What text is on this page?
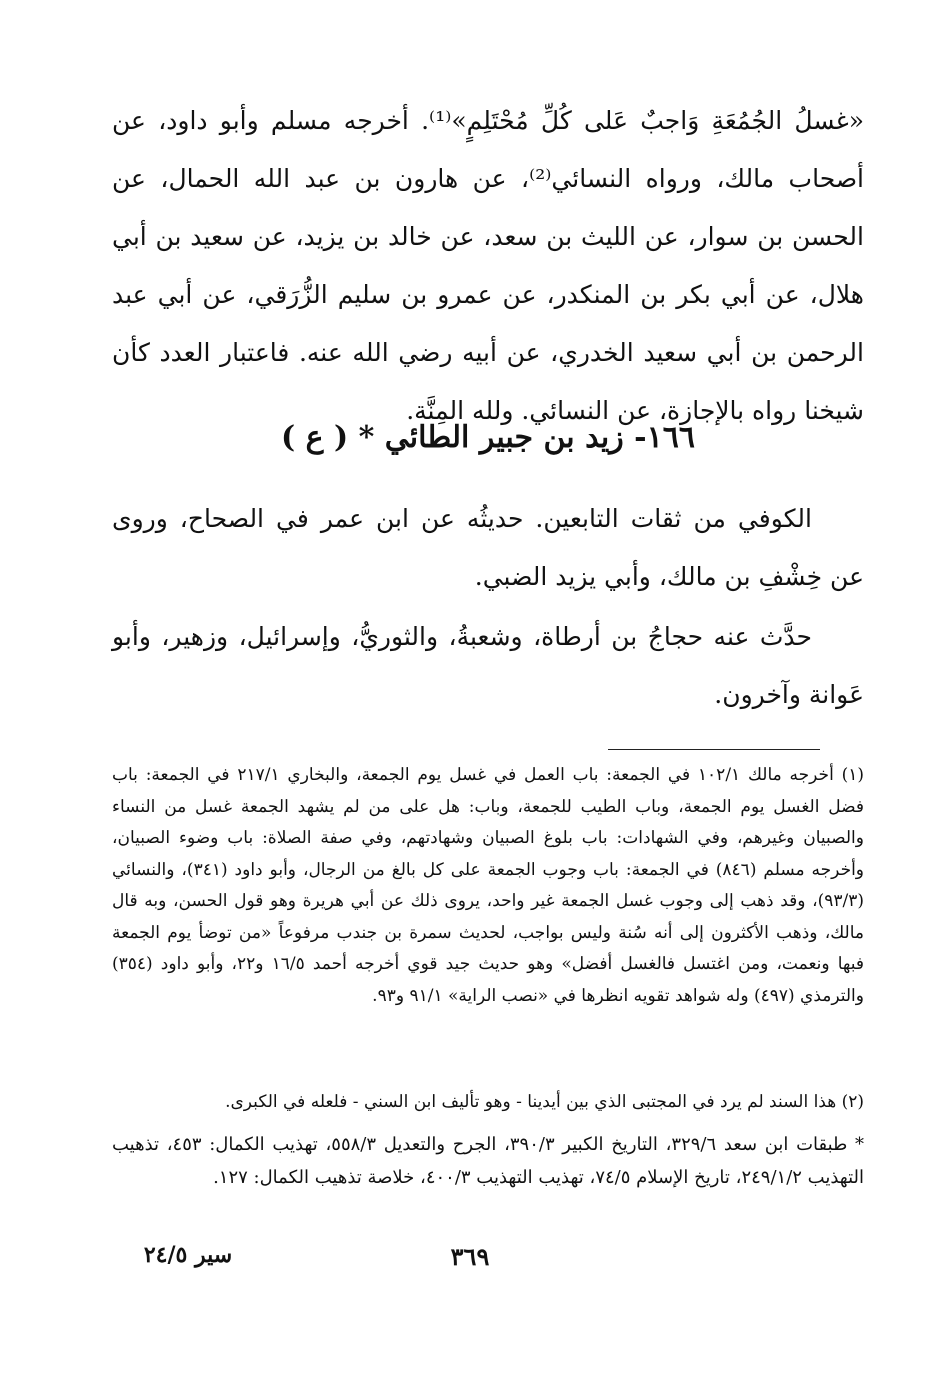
«غسلُ الجُمُعَةِ وَاجبٌ عَلى كُلِّ مُحْتَلِمٍ»⁽¹⁾. أخرجه مسلم وأبو داود، عن أصحاب مالك، ورواه النسائي⁽²⁾، عن هارون بن عبد الله الحمال، عن الحسن بن سوار، عن الليث بن سعد، عن خالد بن يزيد، عن سعيد بن أبي هلال، عن أبي بكر بن المنكدر، عن عمرو بن سليم الزُّرَقي، عن أبي عبد الرحمن بن أبي سعيد الخدري، عن أبيه رضي الله عنه. فاعتبار العدد كأن شيخنا رواه بالإجازة، عن النسائي. ولله المِنَّة.

١٦٦- زيد بن جبير الطائي * ( ع )

الكوفي من ثقات التابعين. حديثُه عن ابن عمر في الصحاح، وروى عن خِشْفِ بن مالك، وأبي يزيد الضبي.

حدَّث عنه حجاجُ بن أرطاة، وشعبةُ، والثوريُّ، وإسرائيل، وزهير، وأبو عَوانة وآخرون.

(١) أخرجه مالك ١٠٢/١ في الجمعة: باب العمل في غسل يوم الجمعة، والبخاري ٢١٧/١ في الجمعة: باب فضل الغسل يوم الجمعة، وباب الطيب للجمعة، وباب: هل على من لم يشهد الجمعة غسل من النساء والصبيان وغيرهم، وفي الشهادات: باب بلوغ الصبيان وشهادتهم، وفي صفة الصلاة: باب وضوء الصبيان، وأخرجه مسلم (٨٤٦) في الجمعة: باب وجوب الجمعة على كل بالغ من الرجال، وأبو داود (٣٤١)، والنسائي (٩٣/٣)، وقد ذهب إلى وجوب غسل الجمعة غير واحد، يروى ذلك عن أبي هريرة وهو قول الحسن، وبه قال مالك، وذهب الأكثرون إلى أنه سُنة وليس بواجب، لحديث سمرة بن جندب مرفوعاً «من توضأ يوم الجمعة فبها ونعمت، ومن اغتسل فالغسل أفضل» وهو حديث جيد قوي أخرجه أحمد ١٦/٥ و٢٢، وأبو داود (٣٥٤) والترمذي (٤٩٧) وله شواهد تقويه انظرها في «نصب الراية» ٩١/١ و٩٣.

(٢) هذا السند لم يرد في المجتبى الذي بين أيدينا - وهو تأليف ابن السني - فلعله في الكبرى.

* طبقات ابن سعد ٣٢٩/٦، التاريخ الكبير ٣٩٠/٣، الجرح والتعديل ٥٥٨/٣، تهذيب الكمال: ٤٥٣، تذهيب التهذيب ٢٤٩/١/٢، تاريخ الإسلام ٧٤/٥، تهذيب التهذيب ٤٠٠/٣، خلاصة تذهيب الكمال: ١٢٧.

٣٦٩
سير ٢٤/٥
